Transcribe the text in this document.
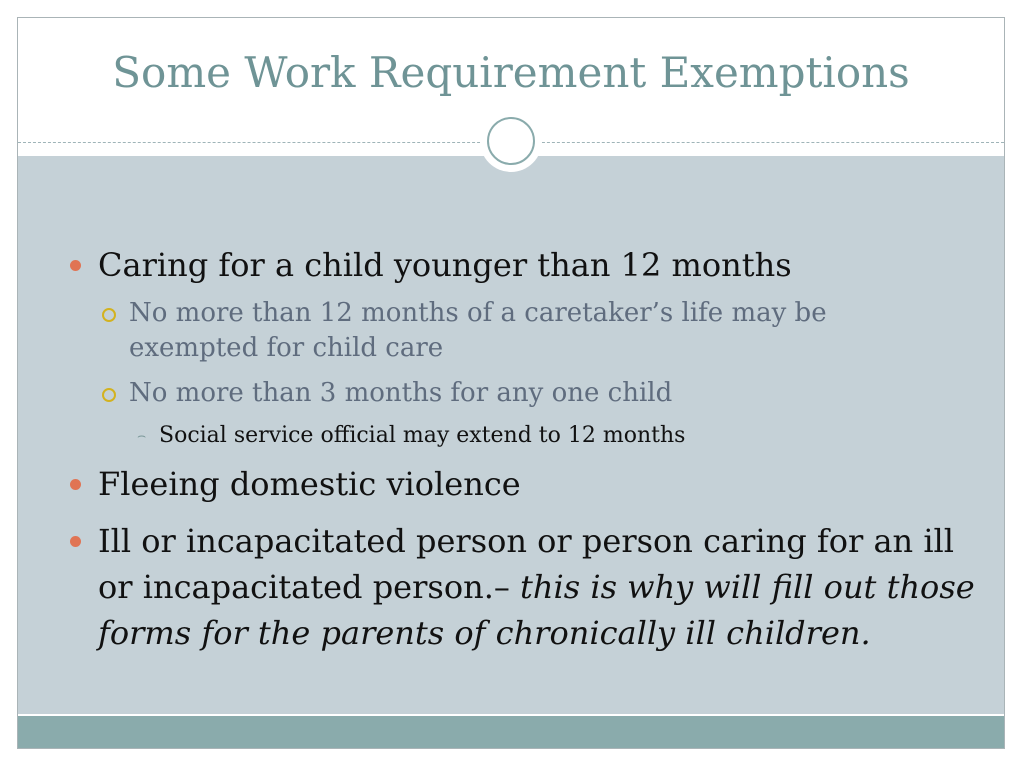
Some Work Requirement Exemptions
Caring for a child younger than 12 months
No more than 12 months of a caretaker’s life may be exempted for child care
No more than 3 months for any one child
⌢ Social service official may extend to 12 months
Fleeing domestic violence
Ill or incapacitated person or person caring for an ill or incapacitated person.– this is why will fill out those forms for the parents of chronically ill children.
